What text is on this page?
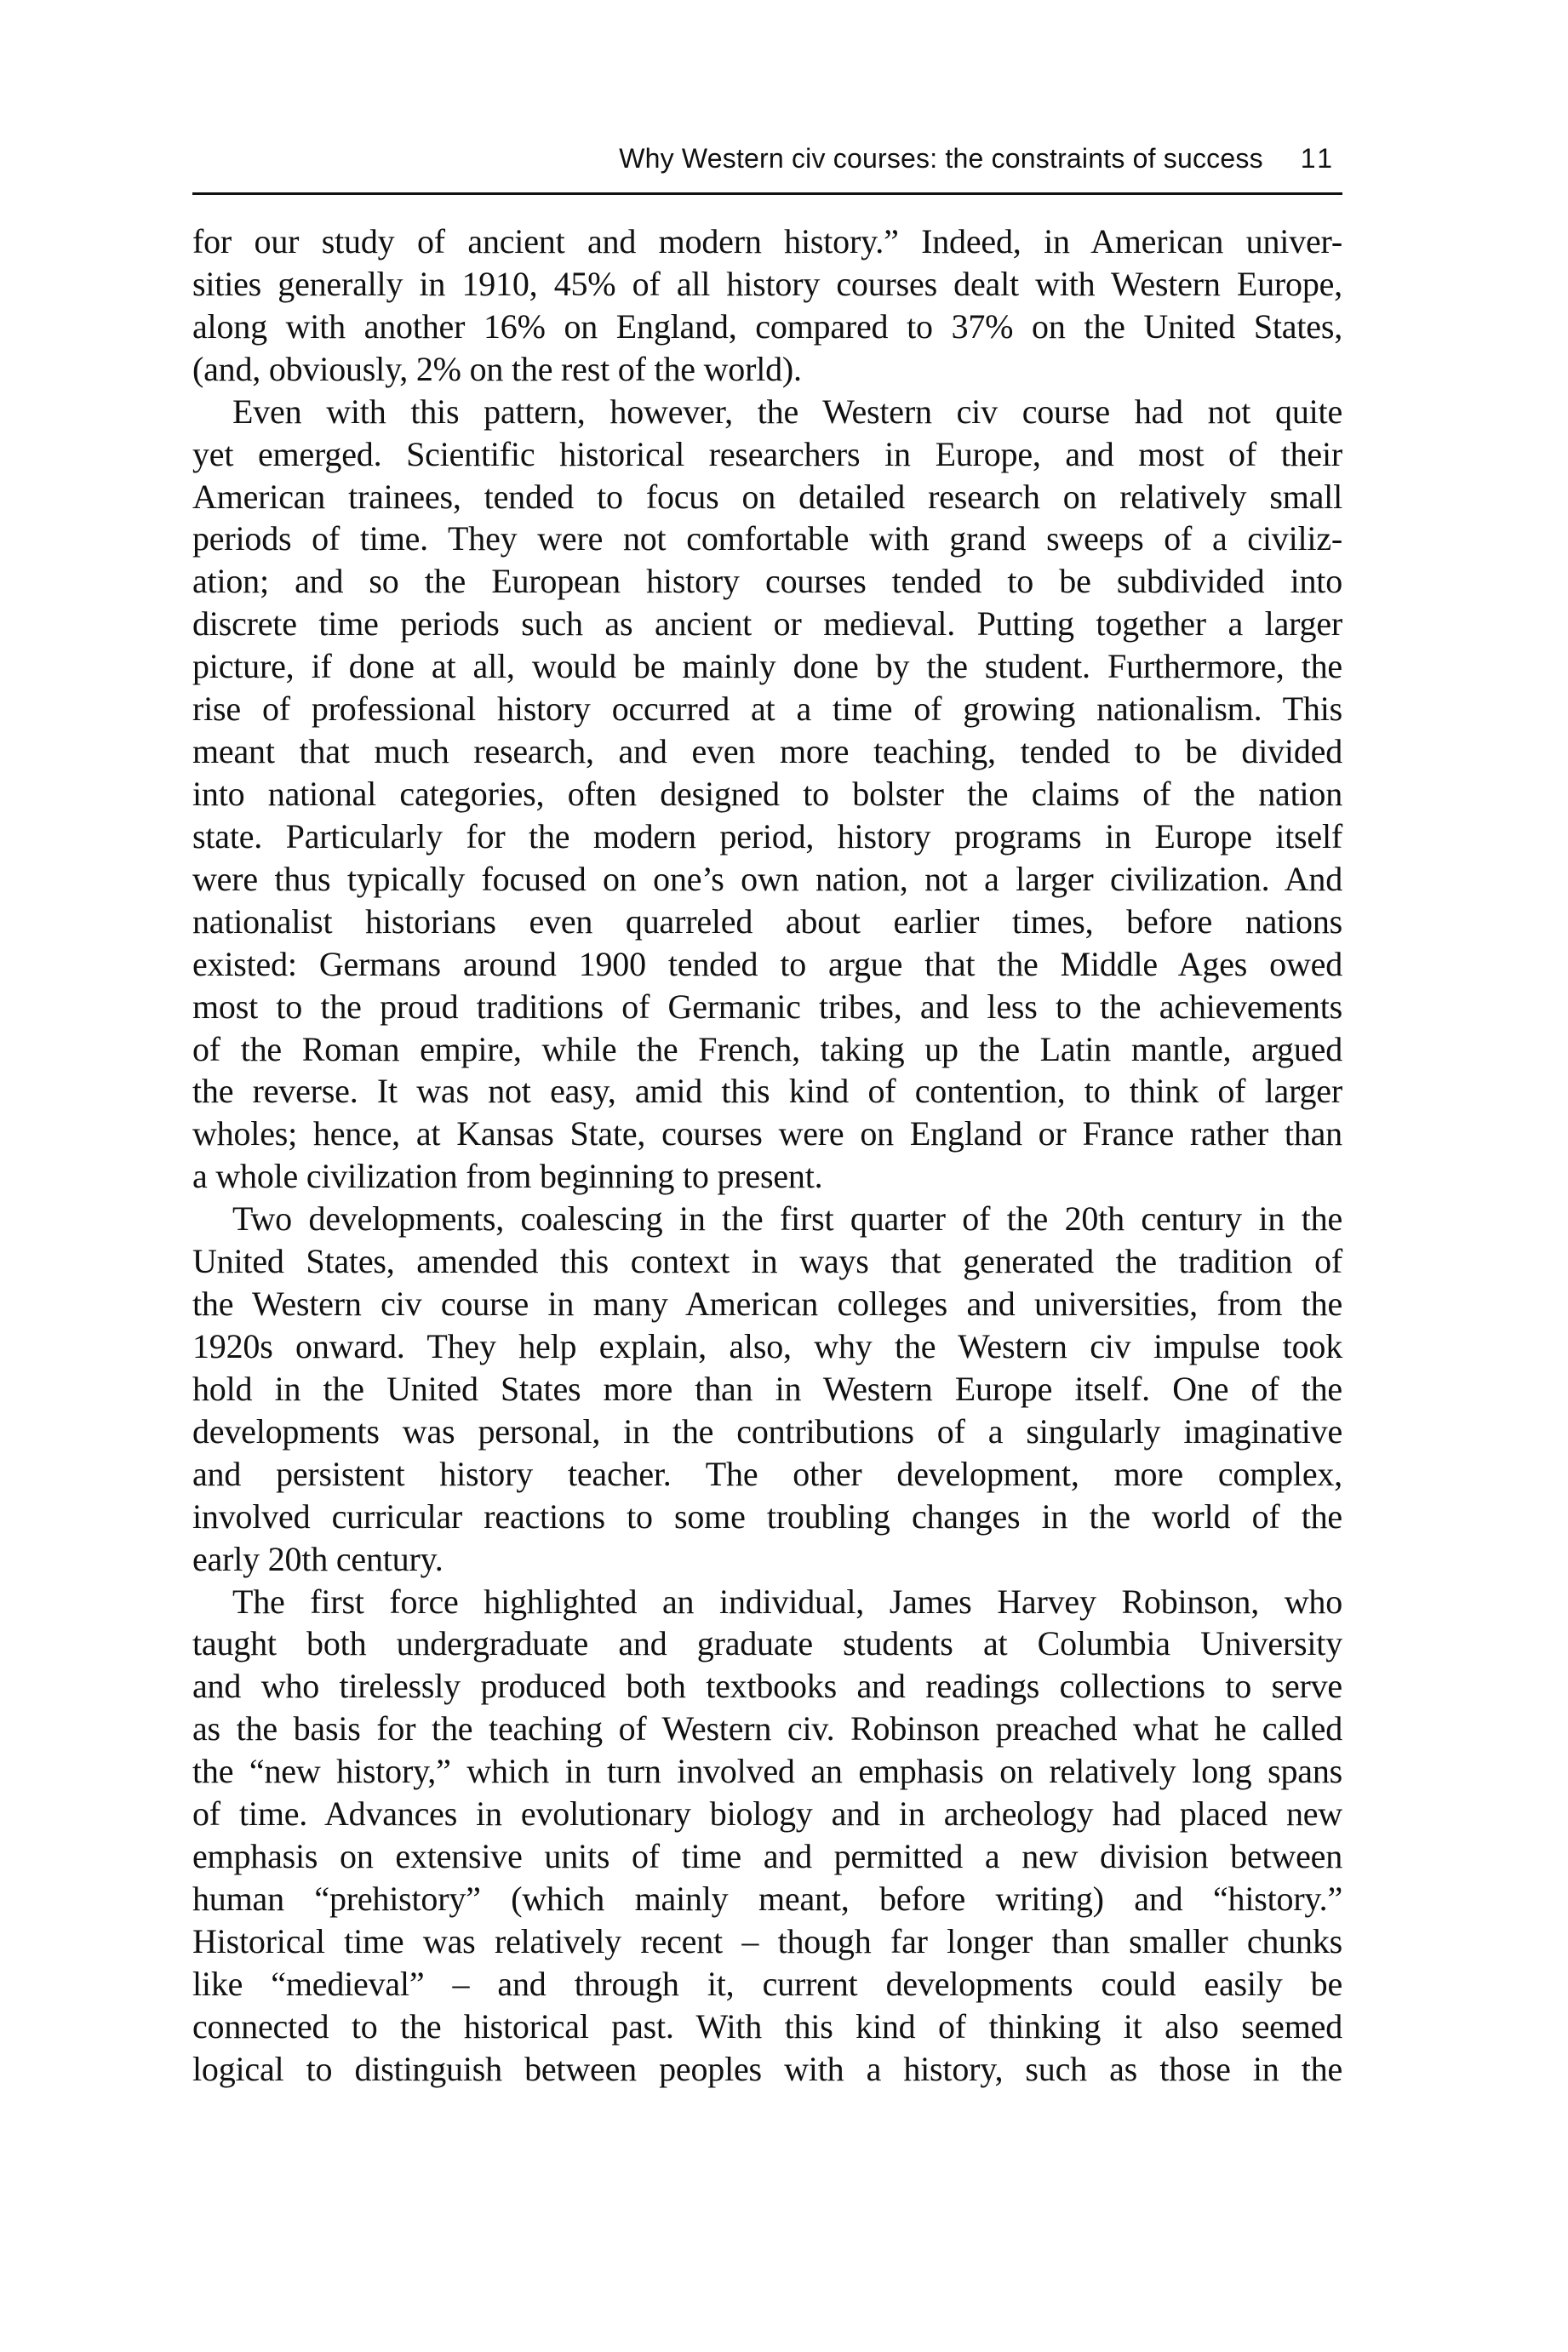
Why Western civ courses: the constraints of success 11
for our study of ancient and modern history.” Indeed, in American univer-
sities generally in 1910, 45% of all history courses dealt with Western Europe,
along with another 16% on England, compared to 37% on the United States,
(and, obviously, 2% on the rest of the world).
Even with this pattern, however, the Western civ course had not quite
yet emerged. Scientific historical researchers in Europe, and most of their
American trainees, tended to focus on detailed research on relatively small
periods of time. They were not comfortable with grand sweeps of a civiliz-
ation; and so the European history courses tended to be subdivided into
discrete time periods such as ancient or medieval. Putting together a larger
picture, if done at all, would be mainly done by the student. Furthermore, the
rise of professional history occurred at a time of growing nationalism. This
meant that much research, and even more teaching, tended to be divided
into national categories, often designed to bolster the claims of the nation
state. Particularly for the modern period, history programs in Europe itself
were thus typically focused on one’s own nation, not a larger civilization. And
nationalist historians even quarreled about earlier times, before nations
existed: Germans around 1900 tended to argue that the Middle Ages owed
most to the proud traditions of Germanic tribes, and less to the achievements
of the Roman empire, while the French, taking up the Latin mantle, argued
the reverse. It was not easy, amid this kind of contention, to think of larger
wholes; hence, at Kansas State, courses were on England or France rather than
a whole civilization from beginning to present.
Two developments, coalescing in the first quarter of the 20th century in the
United States, amended this context in ways that generated the tradition of
the Western civ course in many American colleges and universities, from the
1920s onward. They help explain, also, why the Western civ impulse took
hold in the United States more than in Western Europe itself. One of the
developments was personal, in the contributions of a singularly imaginative
and persistent history teacher. The other development, more complex,
involved curricular reactions to some troubling changes in the world of the
early 20th century.
The first force highlighted an individual, James Harvey Robinson, who
taught both undergraduate and graduate students at Columbia University
and who tirelessly produced both textbooks and readings collections to serve
as the basis for the teaching of Western civ. Robinson preached what he called
the “new history,” which in turn involved an emphasis on relatively long spans
of time. Advances in evolutionary biology and in archeology had placed new
emphasis on extensive units of time and permitted a new division between
human “prehistory” (which mainly meant, before writing) and “history.”
Historical time was relatively recent – though far longer than smaller chunks
like “medieval” – and through it, current developments could easily be
connected to the historical past. With this kind of thinking it also seemed
logical to distinguish between peoples with a history, such as those in the
